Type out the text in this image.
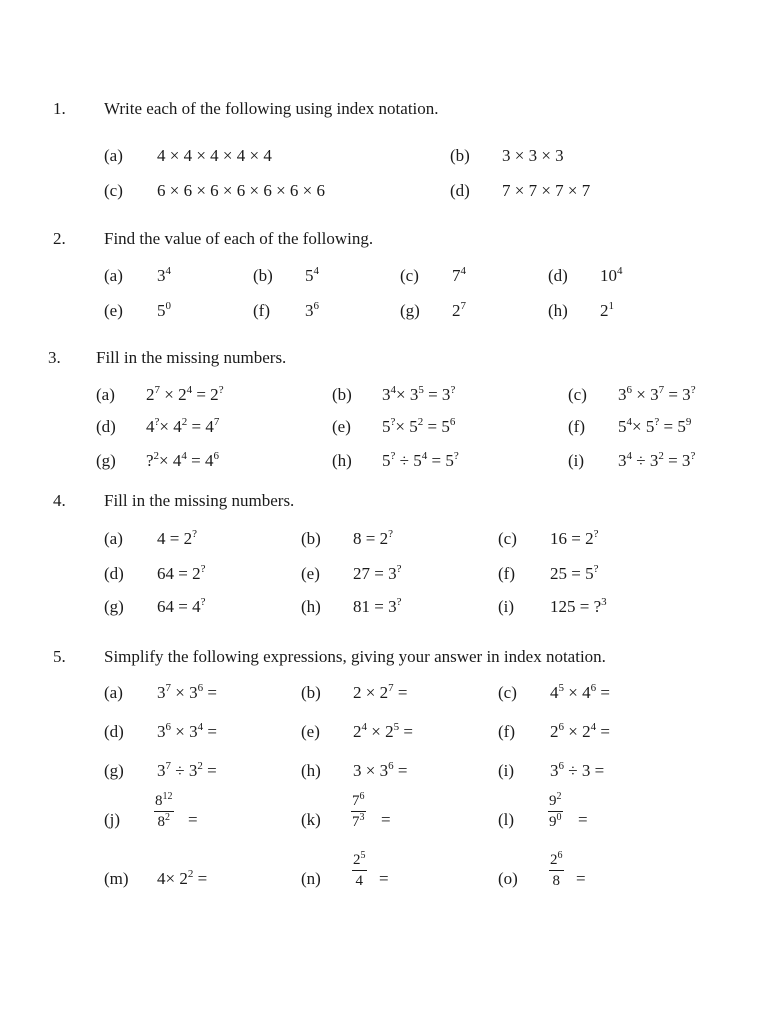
1. Write each of the following using index notation.
(a) 4 × 4 × 4 × 4 × 4	(b) 3 × 3 × 3
(c) 6 × 6 × 6 × 6 × 6 × 6 × 6	(d) 7 × 7 × 7 × 7
2. Find the value of each of the following.
(a) $3^4$	(b) $5^4$	(c) $7^4$	(d) $10^4$
(e) $5^0$	(f) $3^6$	(g) $2^7$	(h) $2^1$
3. Fill in the missing numbers.
(a) $2^7 \times 2^4 = 2^?$	(b) $3^4\times 3^5 = 3^?$	(c) $3^6 \times 3^7 = 3^?$
(d) $4^?\times 4^2 = 4^7$	(e) $5^?\times 5^2 = 5^6$	(f) $5^4\times 5^? = 5^9$
(g) ?$^2$× $4^4 = 4^6$	(h) $5^? \div 5^4 = 5^?$	(i) $3^4 \div 3^2 = 3^?$
4. Fill in the missing numbers.
(a) 4 = 2?	(b) 8 = 2?	(c) 16 = 2?
(d) 64 = 2?	(e) 27 = 3?	(f) 25 = 5?
(g) 64 = 4?	(h) 81 = 3?	(i) 125 = ?$^3$
5. Simplify the following expressions, giving your answer in index notation.
(a) $3^7 \times 3^6$ =	(b) $2 \times 2^7$ =	(c) $4^5 \times 4^6$ =
(d) $3^6 \times 3^4$ =	(e) $2^4 \times 2^5$ =	(f) $2^6 \times 2^4$ =
(g) $3^7 \div 3^2$ =	(h) $3 \times 3^6$ =	(i) $3^6 \div 3$ =
$(j) \frac{8^{12}}{8^2}$ =	$(k) \frac{7^6}{7^3}$ =	$(l) \frac{9^2}{9^0}$ =
(m) $4\times 2^2$ =	$(n) \frac{2^5}{4}$ =	$(o) \frac{2^6}{8}$ =
